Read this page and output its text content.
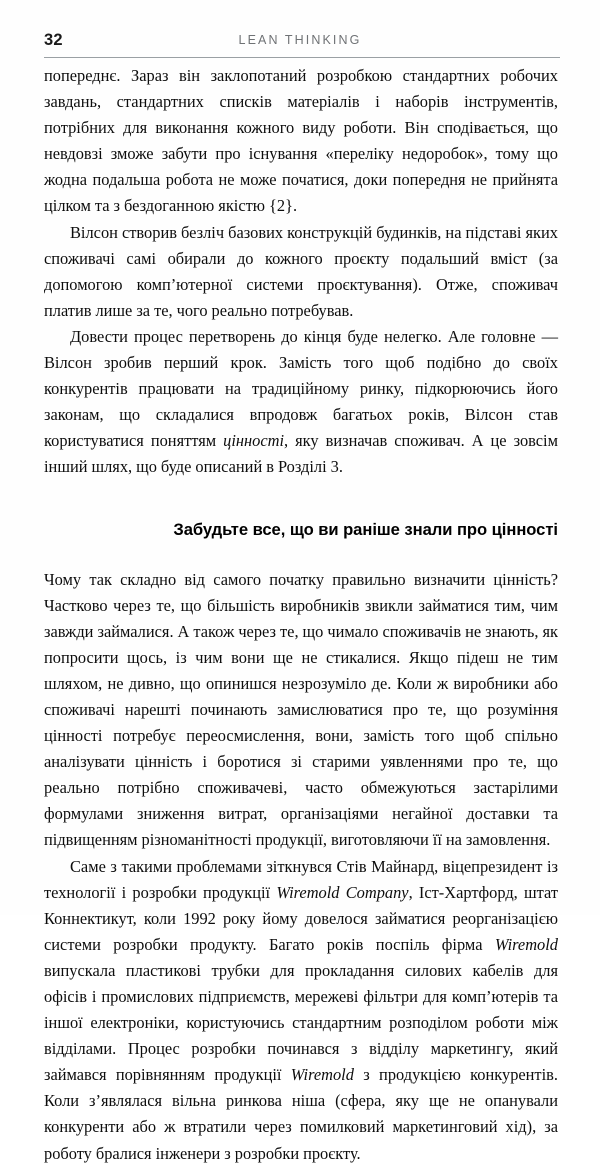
32	LEAN THINKING

попереднє. Зараз він заклопотаний розробкою стандартних робочих завдань, стандартних списків матеріалів і наборів інструментів, потрібних для виконання кожного виду роботи. Він сподівається, що невдовзі зможе забути про існування «переліку недоробок», тому що жодна подальша робота не може початися, доки попередня не прийнята цілком та з бездоганною якістю {2}.

Вілсон створив безліч базових конструкцій будинків, на підставі яких споживачі самі обирали до кожного проєкту подальший вміст (за допомогою комп’ютерної системи проєктування). Отже, споживач платив лише за те, чого реально потребував.

Довести процес перетворень до кінця буде нелегко. Але головне — Вілсон зробив перший крок. Замість того щоб подібно до своїх конкурентів працювати на традиційному ринку, підкорюючись його законам, що складалися впродовж багатьох років, Вілсон став користуватися поняттям цінності, яку визначав споживач. А це зовсім інший шлях, що буде описаний в Розділі 3.

Забудьте все, що ви раніше знали про цінності

Чому так складно від самого початку правильно визначити цінність? Частково через те, що більшість виробників звикли займатися тим, чим завжди займалися. А також через те, що чимало споживачів не знають, як попросити щось, із чим вони ще не стикалися. Якщо підеш не тим шляхом, не дивно, що опинишся незрозуміло де. Коли ж виробники або споживачі нарешті починають замислюватися про те, що розуміння цінності потребує переосмислення, вони, замість того щоб спільно аналізувати цінність і боротися зі старими уявленнями про те, що реально потрібно споживачеві, часто обмежуються застарілими формулами зниження витрат, організаціями негайної доставки та підвищенням різноманітності продукції, виготовляючи її на замовлення.

Саме з такими проблемами зіткнувся Стів Майнард, віцепрезидент із технології і розробки продукції Wiremold Company, Іст-Хартфорд, штат Коннектикут, коли 1992 року йому довелося займатися реорганізацією системи розробки продукту. Багато років поспіль фірма Wiremold випускала пластикові трубки для прокладання силових кабелів для офісів і промислових підприємств, мережеві фільтри для комп’ютерів та іншої електроніки, користуючись стандартним розподілом роботи між відділами. Процес розробки починався з відділу маркетингу, який займався порівнянням продукції Wiremold з продукцією конкурентів. Коли з’являлася вільна ринкова ніша (сфера, яку ще не опанували конкуренти або ж втратили через помилковий маркетинговий хід), за роботу бралися інженери з розробки проєкту.
